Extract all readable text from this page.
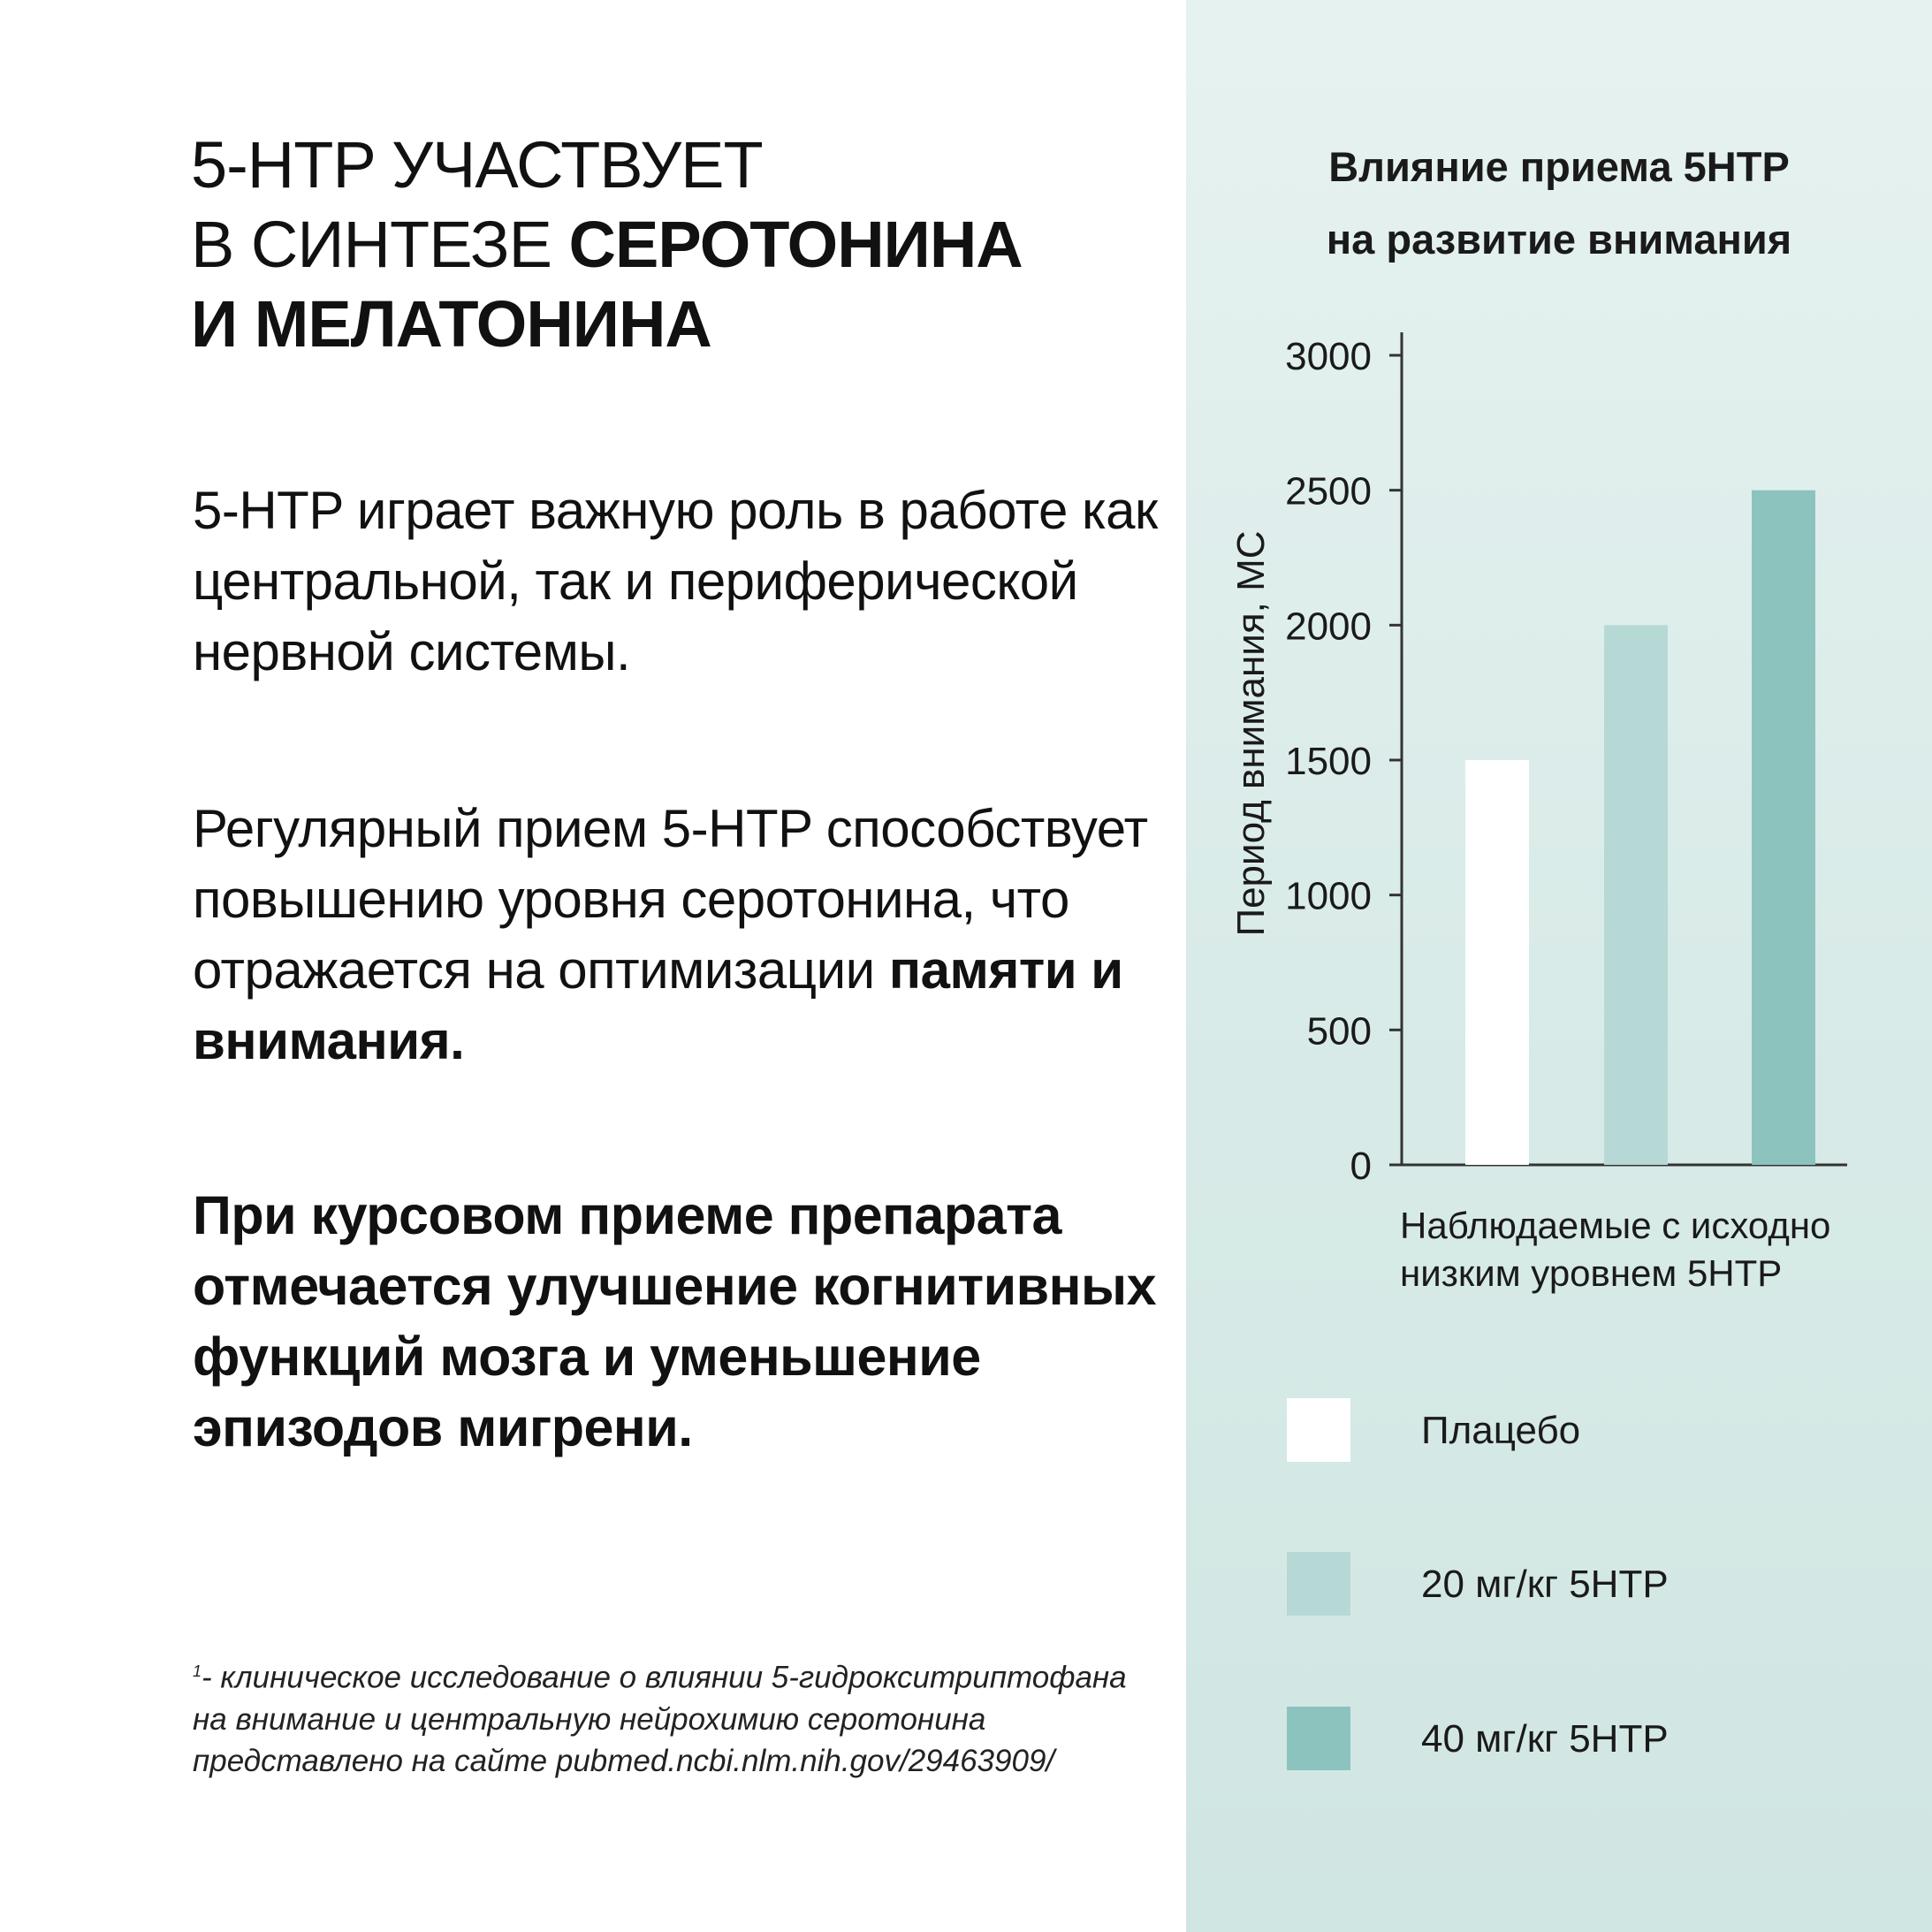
5-HTP УЧАСТВУЕТ
В СИНТЕЗЕ СЕРОТОНИНА
И МЕЛАТОНИНА

5-HTP играет важную роль в работе как центральной, так и периферической нервной системы.

Регулярный прием 5-HTP способствует повышению уровня серотонина, что отражается на оптимизации памяти и внимания.

При курсовом приеме препарата отмечается улучшение когнитивных функций мозга и уменьшение эпизодов мигрени.

$^1$- клиническое исследование о влиянии 5-гидрокситриптофана на внимание и центральную нейрохимию серотонина представлено на сайте pubmed.ncbi.nlm.nih.gov/29463909/

Влияние приема 5HTP
на развитие внимания
3000
2500
2000
1500
1000
500
0
Период внимания, МС
Наблюдаемые с исходно низким уровнем 5HTP
Плацебо
20 мг/кг 5HTP
40 мг/кг 5HTP
